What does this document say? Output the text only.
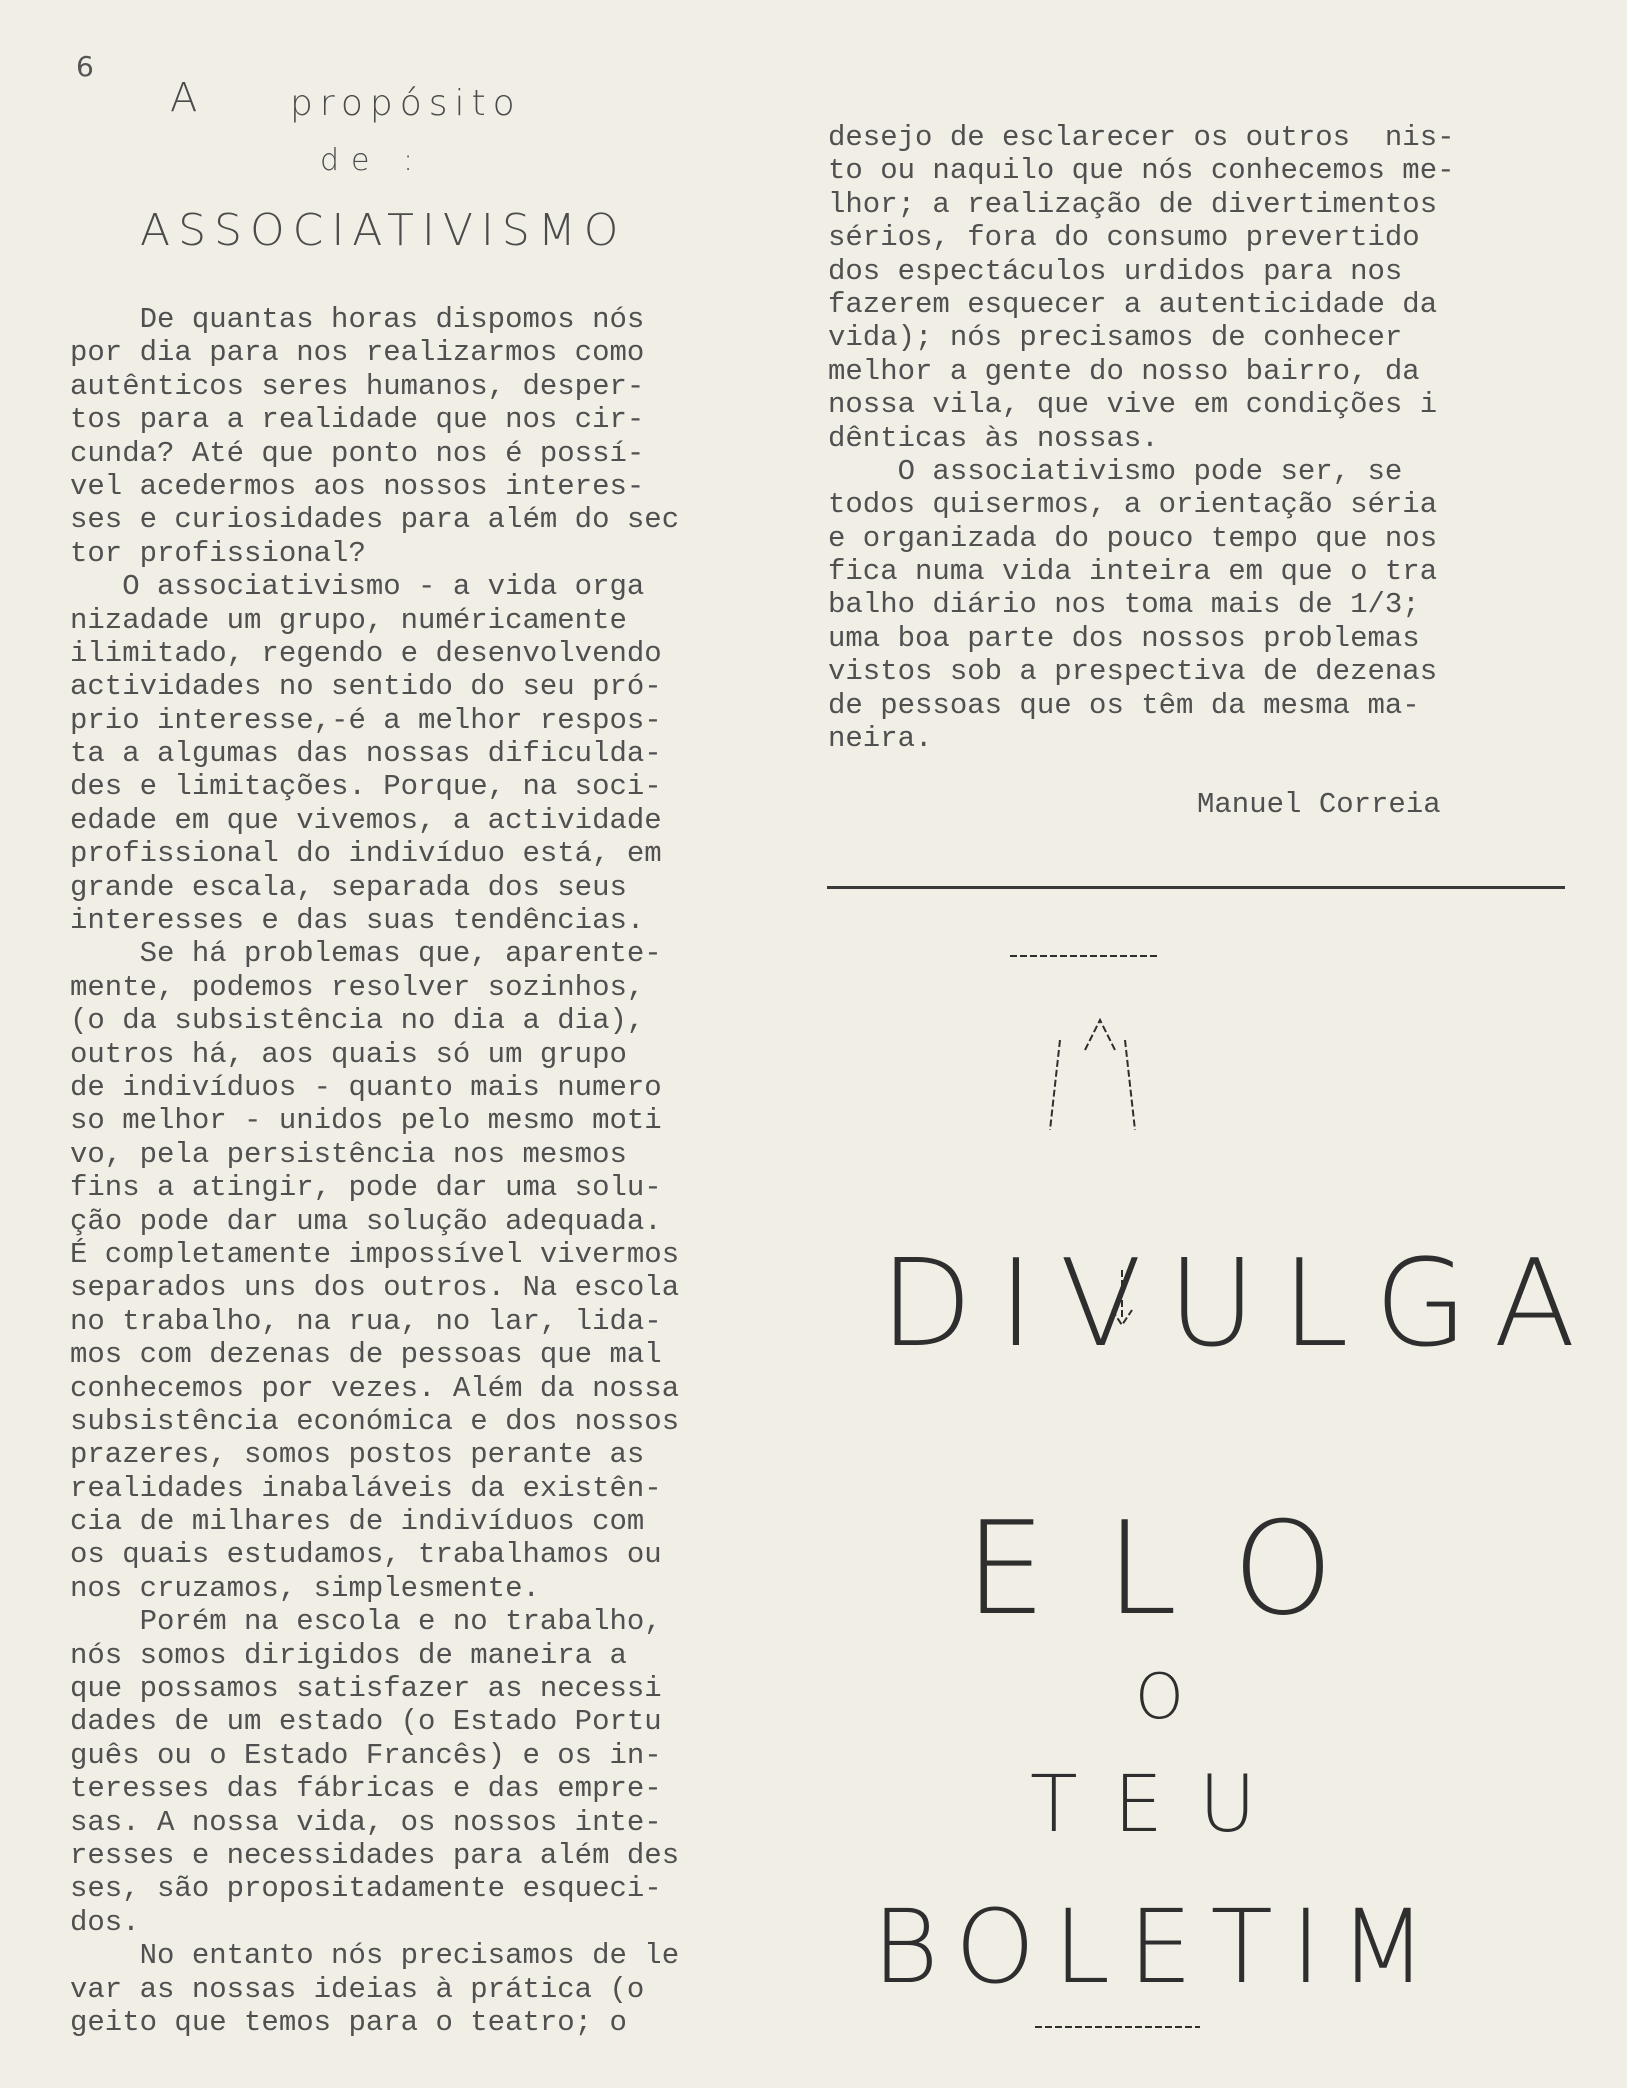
6
A	propósito
de :
ASSOCIATIVISMO
De quantas horas dispomos nós
por dia para nos realizarmos como
autênticos seres humanos, desper-
tos para a realidade que nos cir-
cunda? Até que ponto nos é possí-
vel acedermos aos nossos interes-
ses e curiosidades para além do sec
tor profissional?
O associativismo - a vida orga
nizadade um grupo, numéricamente
ilimitado, regendo e desenvolvendo
actividades no sentido do seu pró-
prio interesse,-é a melhor respos-
ta a algumas das nossas dificulda-
des e limitações. Porque, na soci-
edade em que vivemos, a actividade
profissional do indivíduo está, em
grande escala, separada dos seus
interesses e das suas tendências.
Se há problemas que, aparente-
mente, podemos resolver sozinhos,
(o da subsistência no dia a dia),
outros há, aos quais só um grupo
de indivíduos - quanto mais numero
so melhor - unidos pelo mesmo moti
vo, pela persistência nos mesmos
fins a atingir, pode dar uma solu-
ção pode dar uma solução adequada.
É completamente impossível vivermos
separados uns dos outros. Na escola
no trabalho, na rua, no lar, lida-
mos com dezenas de pessoas que mal
conhecemos por vezes. Além da nossa
subsistência económica e dos nossos
prazeres, somos postos perante as
realidades inabaláveis da existên-
cia de milhares de indivíduos com
os quais estudamos, trabalhamos ou
nos cruzamos, simplesmente.
Porém na escola e no trabalho,
nós somos dirigidos de maneira a
que possamos satisfazer as necessi
dades de um estado (o Estado Portu
guês ou o Estado Francês) e os in-
teresses das fábricas e das empre-
sas. A nossa vida, os nossos inte-
resses e necessidades para além des
ses, são propositadamente esqueci-
dos.
No entanto nós precisamos de le
var as nossas ideias à prática (o
geito que temos para o teatro; o
desejo de esclarecer os outros  nis-
to ou naquilo que nós conhecemos me-
lhor; a realização de divertimentos
sérios, fora do consumo prevertido
dos espectáculos urdidos para nos
fazerem esquecer a autenticidade da
vida); nós precisamos de conhecer
melhor a gente do nosso bairro, da
nossa vila, que vive em condições i
dênticas às nossas.
O associativismo pode ser, se
todos quisermos, a orientação séria
e organizada do pouco tempo que nos
fica numa vida inteira em que o tra
balho diário nos toma mais de 1/3;
uma boa parte dos nossos problemas
vistos sob a prespectiva de dezenas
de pessoas que os têm da mesma ma-
neira.
Manuel Correia
DIVULGA
ELO
O
TEU
BOLETIM
